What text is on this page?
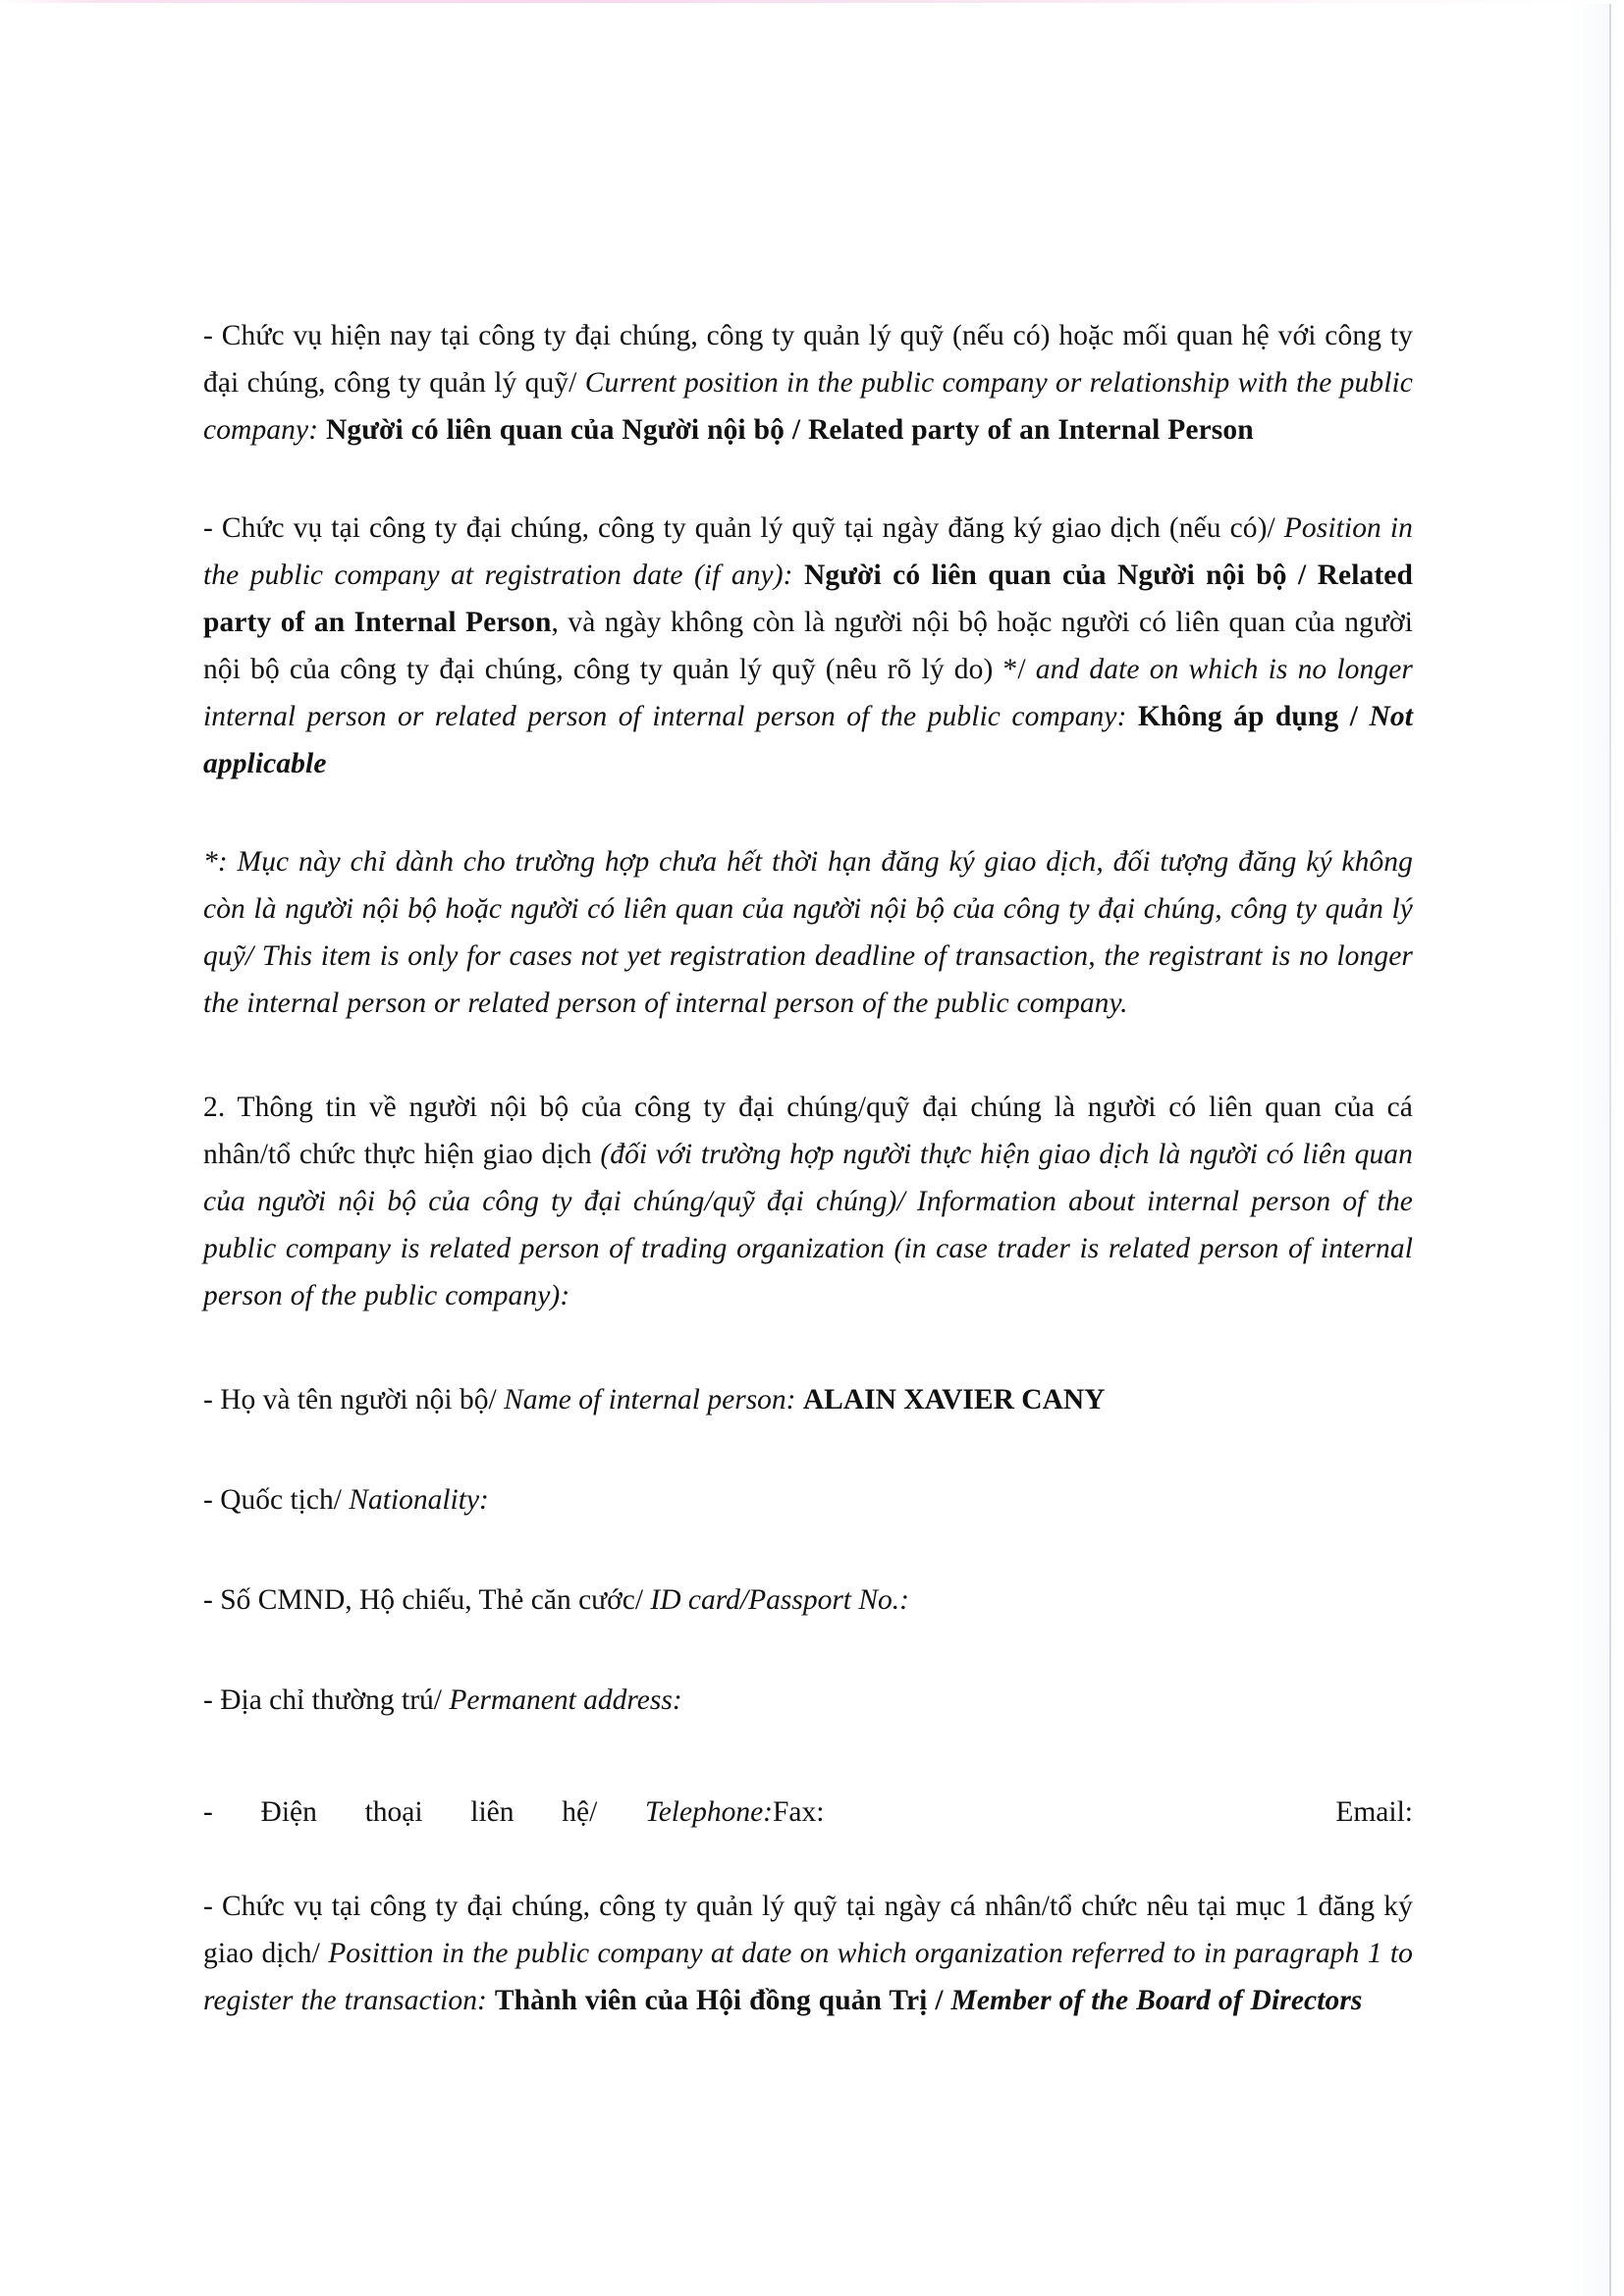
- Chức vụ hiện nay tại công ty đại chúng, công ty quản lý quỹ (nếu có) hoặc mối quan hệ với công ty đại chúng, công ty quản lý quỹ/ Current position in the public company or relationship with the public company: Người có liên quan của Người nội bộ / Related party of an Internal Person

- Chức vụ tại công ty đại chúng, công ty quản lý quỹ tại ngày đăng ký giao dịch (nếu có)/ Position in the public company at registration date (if any): Người có liên quan của Người nội bộ / Related party of an Internal Person, và ngày không còn là người nội bộ hoặc người có liên quan của người nội bộ của công ty đại chúng, công ty quản lý quỹ (nêu rõ lý do) */ and date on which is no longer internal person or related person of internal person of the public company: Không áp dụng / Not applicable

*: Mục này chỉ dành cho trường hợp chưa hết thời hạn đăng ký giao dịch, đối tượng đăng ký không còn là người nội bộ hoặc người có liên quan của người nội bộ của công ty đại chúng, công ty quản lý quỹ/ This item is only for cases not yet registration deadline of transaction, the registrant is no longer the internal person or related person of internal person of the public company.

2. Thông tin về người nội bộ của công ty đại chúng/quỹ đại chúng là người có liên quan của cá nhân/tổ chức thực hiện giao dịch (đối với trường hợp người thực hiện giao dịch là người có liên quan của người nội bộ của công ty đại chúng/quỹ đại chúng)/ Information about internal person of the public company is related person of trading organization (in case trader is related person of internal person of the public company):

- Họ và tên người nội bộ/ Name of internal person: ALAIN XAVIER CANY

- Quốc tịch/ Nationality:

- Số CMND, Hộ chiếu, Thẻ căn cước/ ID card/Passport No.:

- Địa chỉ thường trú/ Permanent address:

- Điện thoại liên hệ/ Telephone: Fax:	Email:

- Chức vụ tại công ty đại chúng, công ty quản lý quỹ tại ngày cá nhân/tổ chức nêu tại mục 1 đăng ký giao dịch/ Posittion in the public company at date on which organization referred to in paragraph 1 to register the transaction: Thành viên của Hội đồng quản Trị / Member of the Board of Directors
